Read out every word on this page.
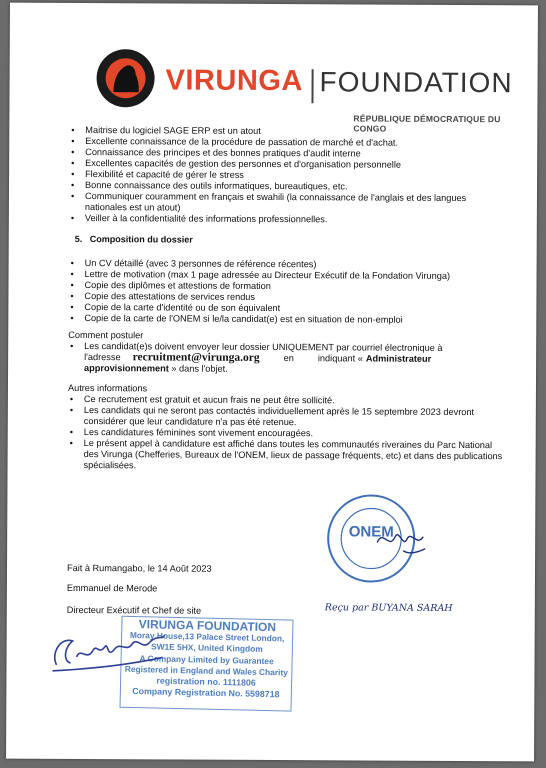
VIRUNGA FOUNDATION
RÉPUBLIQUE DÉMOCRATIQUE DU CONGO
• Maitrise du logiciel SAGE ERP est un atout
• Excellente connaissance de la procédure de passation de marché et d'achat.
• Connaissance des principes et des bonnes pratiques d'audit interne
• Excellentes capacités de gestion des personnes et d'organisation personnelle
• Flexibilité et capacité de gérer le stress
• Bonne connaissance des outils informatiques, bureautiques, etc.
• Communiquer couramment en français et swahili (la connaissance de l'anglais et des langues nationales est un atout)
• Veiller à la confidentialité des informations professionnelles.
5. Composition du dossier
• Un CV détaillé (avec 3 personnes de référence récentes)
• Lettre de motivation (max 1 page adressée au Directeur Exécutif de la Fondation Virunga)
• Copie des diplômes et attestions de formation
• Copie des attestations de services rendus
• Copie de la carte d'identité ou de son équivalent
• Copie de la carte de l'ONEM si le/la candidat(e) est en situation de non-emploi
Comment postuler
• Les candidat(e)s doivent envoyer leur dossier UNIQUEMENT par courriel électronique à
l'adresse recruitment@virunga.org	en	indiquant « Administrateur
approvisionnement » dans l'objet.
Autres informations
• Ce recrutement est gratuit et aucun frais ne peut être sollicité.
• Les candidats qui ne seront pas contactés individuellement après le 15 septembre 2023 devront considérer que leur candidature n'a pas été retenue.
• Les candidatures féminines sont vivement encouragées.
• Le présent appel à candidature est affiché dans toutes les communautés riveraines du Parc National des Virunga (Chefferies, Bureaux de l'ONEM, lieux de passage fréquents, etc) et dans des publications spécialisées.
Fait à Rumangabo, le 14 Août 2023
Emmanuel de Merode
Directeur Exécutif et Chef de site
ONEM
Reçu par BUYANA SARAH
VIRUNGA FOUNDATION
Moray House,13 Palace Street London,
SW1E 5HX, United Kingdom
A Company Limited by Guarantee
Registered in England and Wales Charity
registration no. 1111806
Company Registration No. 5598718
